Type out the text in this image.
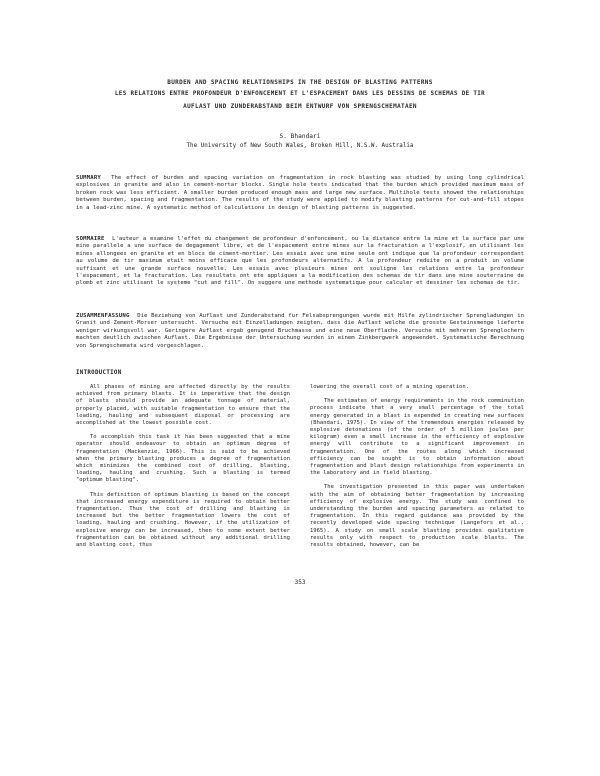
BURDEN AND SPACING RELATIONSHIPS IN THE DESIGN OF BLASTING PATTERNS
LES RELATIONS ENTRE PROFONDEUR D'ENFONCEMENT ET L'ESPACEMENT DANS LES DESSINS DE SCHEMAS DE TIR
AUFLAST UND ZUNDERABSTAND BEIM ENTWURF VON SPRENGSCHEMATAEN
S. Bhandari
The University of New South Wales, Broken Hill, N.S.W. Australia
SUMMARY The effect of burden and spacing variation on fragmentation in rock blasting was studied by using long cylindrical explosives in granite and also in cement-mortar blocks. Single hole tests indicated that the burden which provided maximum mass of broken rock was less efficient. A smaller burden produced enough mass and large new surface. Multihole tests showed the relationships between burden, spacing and fragmentation. The results of the study were applied to modify blasting patterns for cut-and-fill stopes in a lead-zinc mine. A systematic method of calculations in design of blasting patterns is suggested.
SOMMAIRE L'auteur a examine l'effet du changement de profondeur d'enfoncement, ou la distance entre la mine et la surface par une mine parallele a une surface de degagement libre, et de l'espacement entre mines sur la fracturation a l'explosif, en utilisant les mines allongees en granite et en blocs de ciment-mortier. Les essais avec une mine seule ont indique que la profondeur correspondant au volume de tir maximum etait moins efficace que les profondeurs alternatifs. A la profondeur reduite on a produit un volume suffisant et une grande surface nouvelle. Les essais avec plusieurs mines ont souligne les relations entre la profondeur l'espacement, et la fracturation. Les resultats ont ete appliques a la modification des schemas de tir dans une mine souterraine de plomb et zinc utilisant le systeme "cut and fill". On suggere une methode systematique pour calculer et dessiner les schemas de tir.
ZUSAMMENFASSUNG Die Beziehung von Auflast und Zunderabstand fur Felsabsprengungen wurde mit Hilfe zylindrischer Sprengladungen in Granit und Zement-Morser untersucht. Versuche mit Einzelladungen zeigten, dass die Auflast welche die grosste Gesteinsmenge lieferte weniger wirkungsvoll war. Geringere Auflast ergab genugend Bruchmasse und eine neue Oberflache. Versuche mit mehreren Sprenglochern machten deutlich zwischen Auflast. Die Ergebnisse der Untersuchung wurden in einem Zinkbergwerk angewendet. Systematische Berechnung von Sprengschemata wird vorgeschlagen.
INTRODUCTION

All phases of mining are affected directly by the results achieved from primary blasts. It is imperative that the design of blasts should provide an adequate tonnage of material, properly placed, with suitable fragmentation to ensure that the loading, hauling and subsequent disposal or processing are accomplished at the lowest possible cost.

To accomplish this task it has been suggested that a mine operator should endeavour to obtain an optimum degree of fragmentation (Mackenzie, 1966). This is said to be achieved when the primary blasting produces a degree of fragmentation which minimizes the combined cost of drilling, blasting, loading, hauling and crushing. Such a blasting is termed "optimum blasting".

This definition of optimum blasting is based on the concept that increased energy expenditure is required to obtain better fragmentation. Thus the cost of drilling and blasting is increased but the better fragmentation lowers the cost of loading, hauling and crushing. However, if the utilization of explosive energy can be increased, then to some extent better fragmentation can be obtained without any additional drilling and blasting cost, thus

lowering the overall cost of a mining operation.

The estimates of energy requirements in the rock comminution process indicate that a very small percentage of the total energy generated in a blast is expended in creating new surfaces (Bhandari, 1975). In view of the tremendous energies released by explosive detonations (of the order of 5 million joules per kilogram) even a small increase in the efficiency of explosive energy will contribute to a significant improvement in fragmentation. One of the routes along which increased efficiency can be sought is to obtain information about fragmentation and blast design relationships from experiments in the laboratory and in field blasting.

The investigation presented in this paper was undertaken with the aim of obtaining better fragmentation by increasing efficiency of explosive energy. The study was confined to understanding the burden and spacing parameters as related to fragmentation. In this regard guidance was provided by the recently developed wide spacing technique (Langefors et al., 1965). A study on small scale blasting provides qualitative results only with respect to production scale blasts. The results obtained, however, can be

353
